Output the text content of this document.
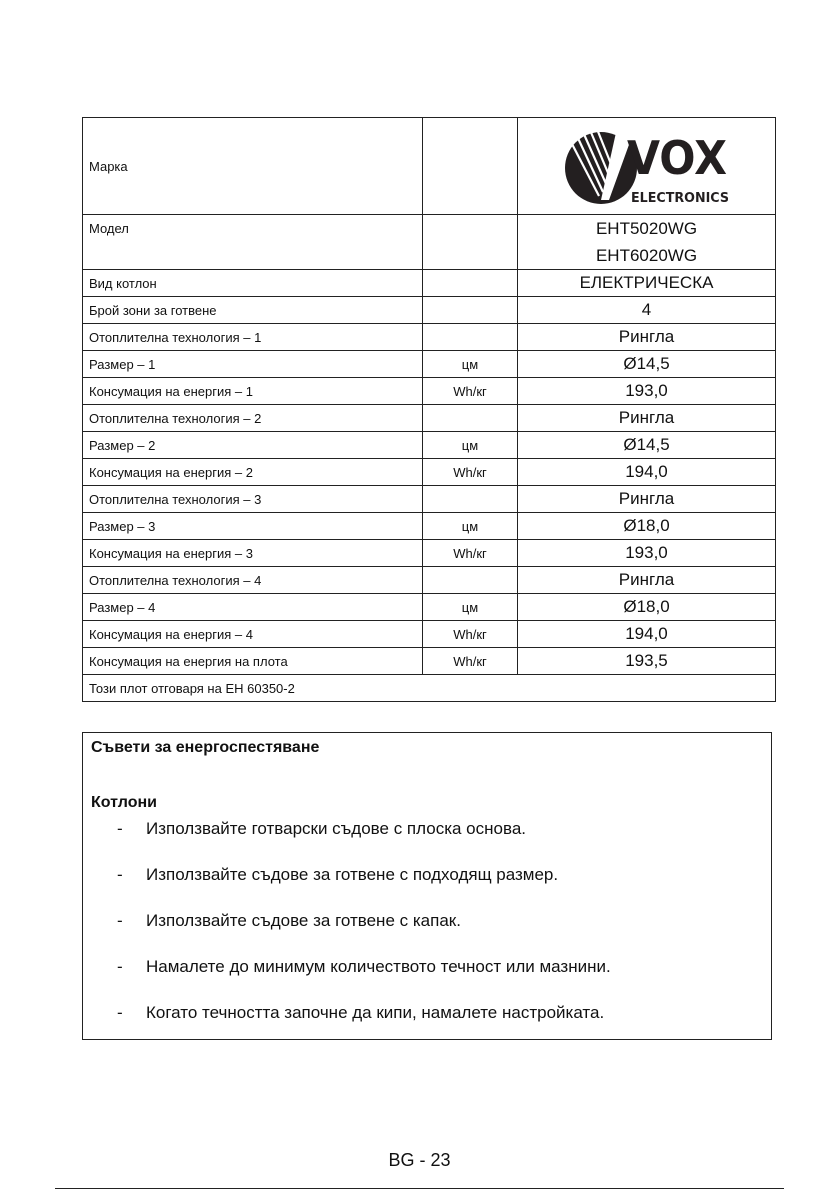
Марка		VOX
ELECTRONICS

Модел		EHT5020WG
EHT6020WG

Вид котлон		ЕЛЕКТРИЧЕСКА
Брой зони за готвене		4
Отоплителна технология – 1		Рингла
Размер – 1	цм	Ø14,5
Консумация на енергия – 1	Wh/кг	193,0
Отоплителна технология – 2		Рингла
Размер – 2	цм	Ø14,5
Консумация на енергия – 2	Wh/кг	194,0
Отоплителна технология – 3		Рингла
Размер – 3	цм	Ø18,0
Консумация на енергия – 3	Wh/кг	193,0
Отоплителна технология – 4		Рингла
Размер – 4	цм	Ø18,0
Консумация на енергия – 4	Wh/кг	194,0
Консумация на енергия на плота	Wh/кг	193,5
Този плот отговаря на ЕН 60350-2		
Съвети за енергоспестяване
Котлони
- Използвайте готварски съдове с плоска основа.
- Използвайте съдове за готвене с подходящ размер.
- Използвайте съдове за готвене с капак.
- Намалете до минимум количеството течност или мазнини.
- Когато течността започне да кипи, намалете настройката.
BG - 23
